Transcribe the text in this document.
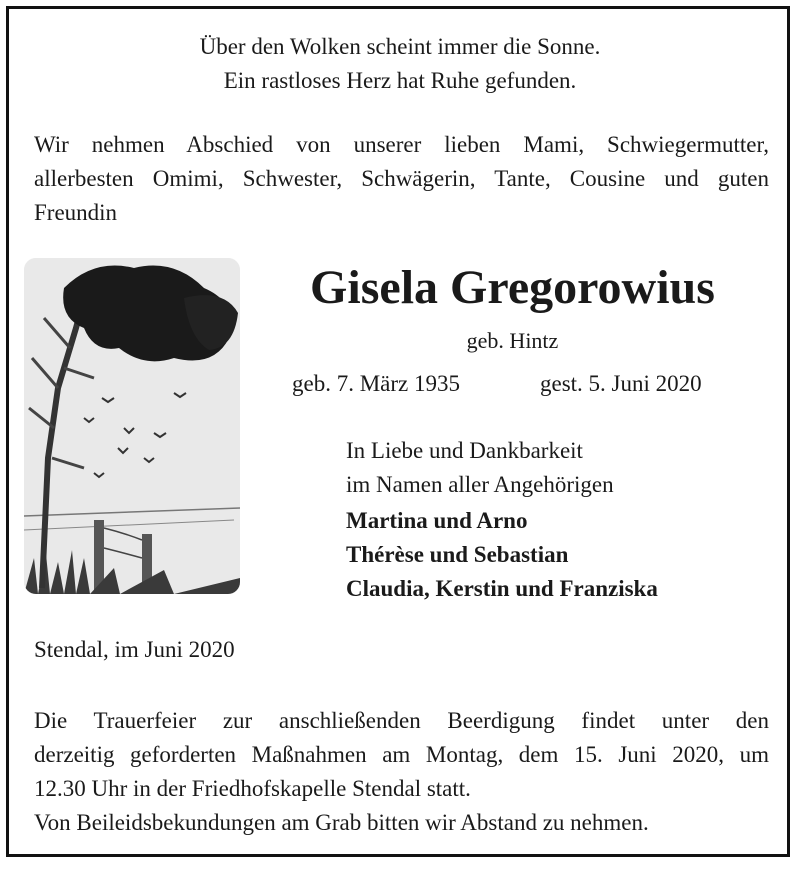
Über den Wolken scheint immer die Sonne.
Ein rastloses Herz hat Ruhe gefunden.
Wir nehmen Abschied von unserer lieben Mami, Schwiegermutter,
allerbesten Omimi, Schwester, Schwägerin, Tante, Cousine und guten
Freundin
Gisela Gregorowius
geb. Hintz
geb. 7. März 1935	gest. 5. Juni 2020
In Liebe und Dankbarkeit
im Namen aller Angehörigen
Martina und Arno
Thérèse und Sebastian
Claudia, Kerstin und Franziska
Stendal, im Juni 2020
Die Trauerfeier zur anschließenden Beerdigung findet unter den
derzeitig geforderten Maßnahmen am Montag, dem 15. Juni 2020, um
12.30 Uhr in der Friedhofskapelle Stendal statt.
Von Beileidsbekundungen am Grab bitten wir Abstand zu nehmen.
